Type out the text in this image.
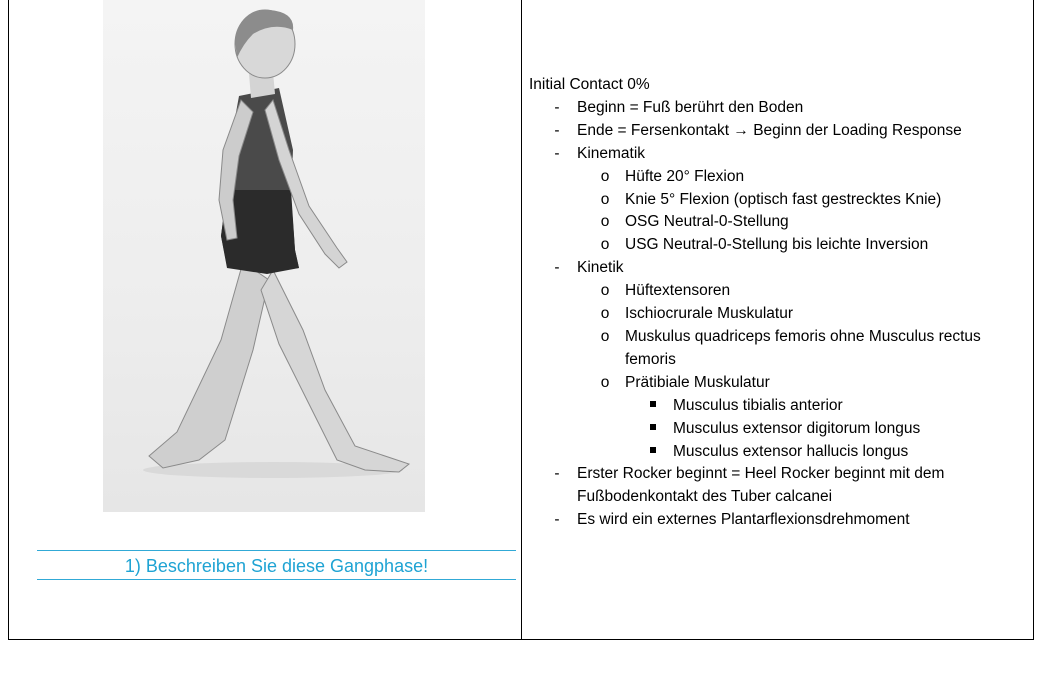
1) Beschreiben Sie diese Gangphase!
Initial Contact 0%
-	Beginn = Fuß berührt den Boden
-	Ende = Fersenkontakt → Beginn der Loading Response
-	Kinematik
o	Hüfte 20° Flexion
o	Knie 5° Flexion (optisch fast gestrecktes Knie)
o	OSG Neutral-0-Stellung
o	USG Neutral-0-Stellung bis leichte Inversion
-	Kinetik
o	Hüftextensoren
o	Ischiocrurale Muskulatur
o	Muskulus quadriceps femoris ohne Musculus rectus femoris
o	Prätibiale Muskulatur
Musculus tibialis anterior
Musculus extensor digitorum longus
Musculus extensor hallucis longus
-	Erster Rocker beginnt = Heel Rocker beginnt mit dem Fußbodenkontakt des Tuber calcanei
-	Es wird ein externes Plantarflexionsdrehmoment
